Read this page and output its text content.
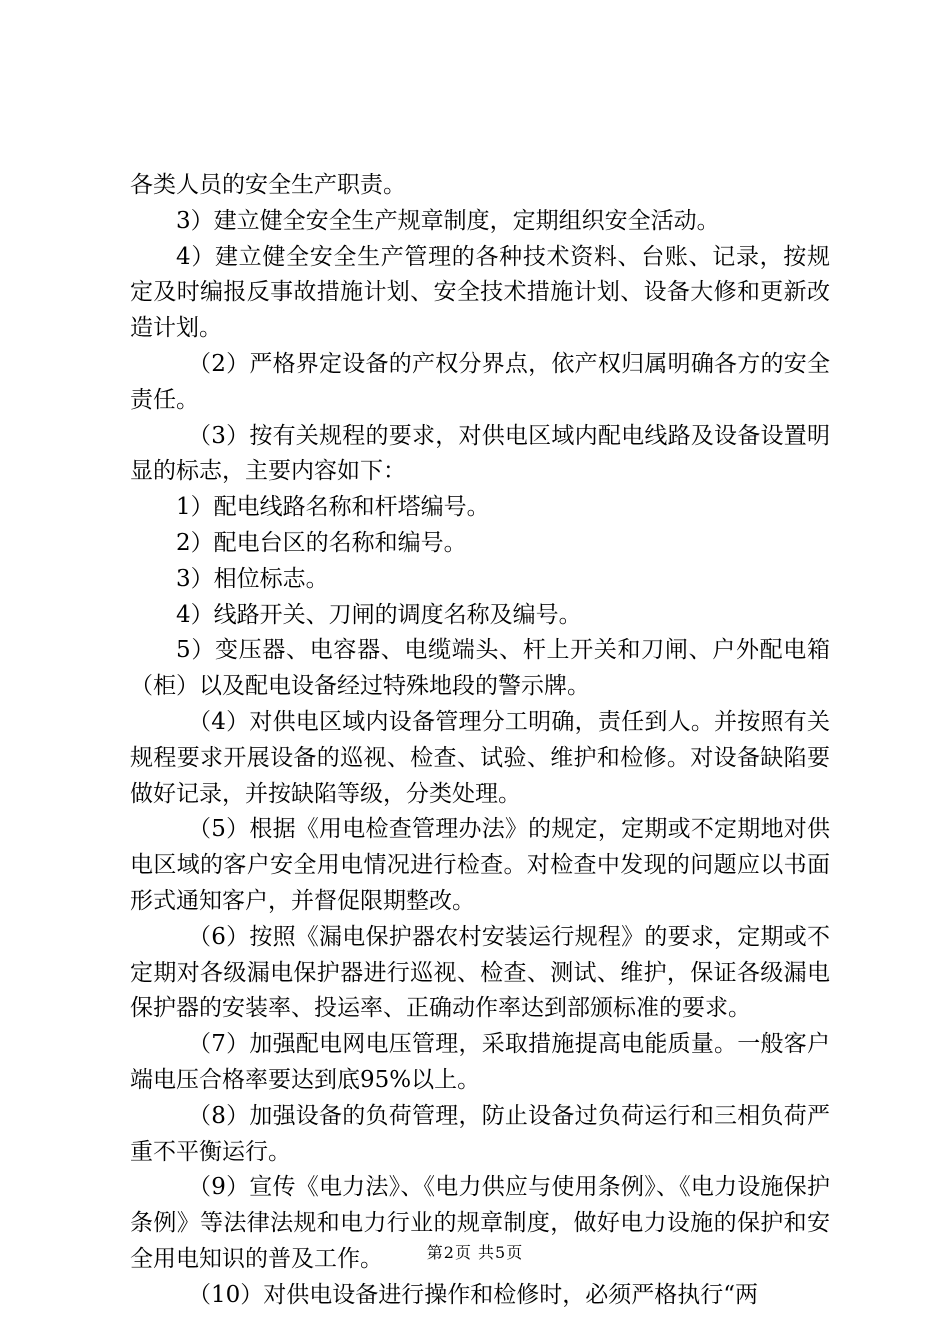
各类人员的安全生产职责。

3）建立健全安全生产规章制度，定期组织安全活动。

4）建立健全安全生产管理的各种技术资料、台账、记录，按规定及时编报反事故措施计划、安全技术措施计划、设备大修和更新改造计划。

（2）严格界定设备的产权分界点，依产权归属明确各方的安全责任。

（3）按有关规程的要求，对供电区域内配电线路及设备设置明显的标志，主要内容如下：

1）配电线路名称和杆塔编号。

2）配电台区的名称和编号。

3）相位标志。

4）线路开关、刀闸的调度名称及编号。

5）变压器、电容器、电缆端头、杆上开关和刀闸、户外配电箱（柜）以及配电设备经过特殊地段的警示牌。

（4）对供电区域内设备管理分工明确，责任到人。并按照有关规程要求开展设备的巡视、检查、试验、维护和检修。对设备缺陷要做好记录，并按缺陷等级，分类处理。

（5）根据《用电检查管理办法》的规定，定期或不定期地对供电区域的客户安全用电情况进行检查。对检查中发现的问题应以书面形式通知客户，并督促限期整改。

（6）按照《漏电保护器农村安装运行规程》的要求，定期或不定期对各级漏电保护器进行巡视、检查、测试、维护，保证各级漏电保护器的安装率、投运率、正确动作率达到部颁标准的要求。

（7）加强配电网电压管理，采取措施提高电能质量。一般客户端电压合格率要达到底95%以上。

（8）加强设备的负荷管理，防止设备过负荷运行和三相负荷严重不平衡运行。

（9）宣传《电力法》、《电力供应与使用条例》、《电力设施保护条例》等法律法规和电力行业的规章制度，做好电力设施的保护和安全用电知识的普及工作。

（10）对供电设备进行操作和检修时，必须严格执行“两

第2页 共5页
